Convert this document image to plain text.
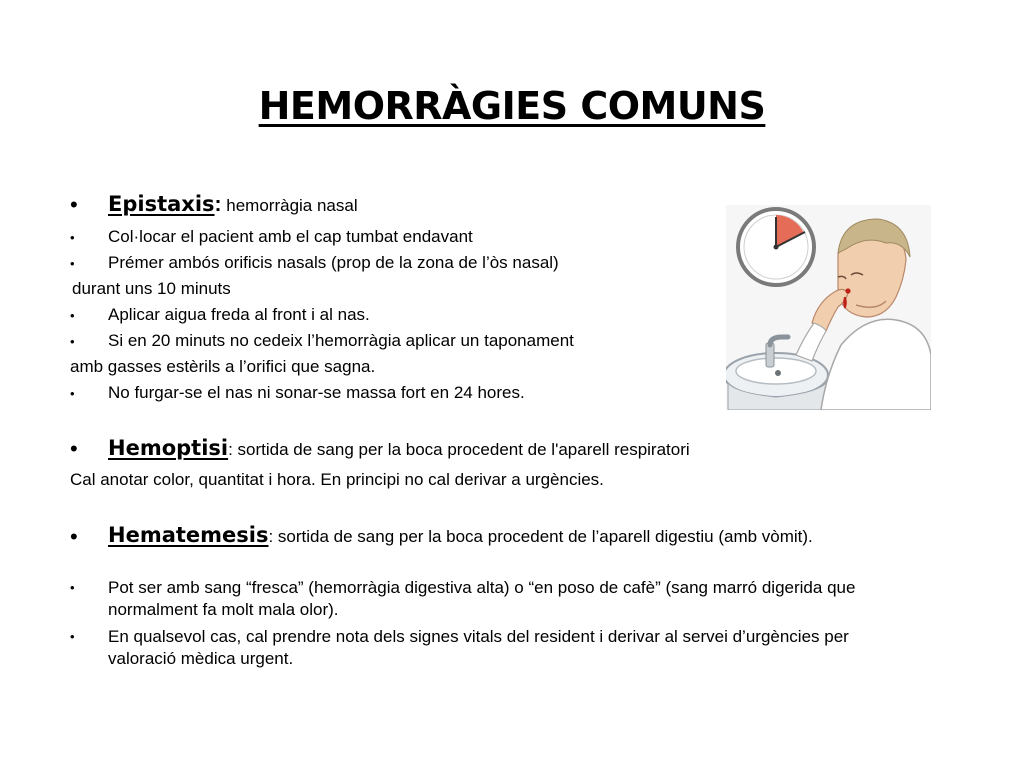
HEMORRÀGIES COMUNS
• Epistaxis: hemorràgia nasal
• Col·locar el pacient amb el cap tumbat endavant
• Prémer ambós orificis nasals (prop de la zona de l’òs nasal)
durant uns 10 minuts
• Aplicar aigua freda al front i al nas.
• Si en 20 minuts no cedeix l’hemorràgia aplicar un taponament
amb gasses estèrils a l’orifici que sagna.
• No furgar-se el nas ni sonar-se massa fort en 24 hores.
• Hemoptisi: sortida de sang per la boca procedent de l'aparell respiratori
Cal anotar color, quantitat i hora. En principi no cal derivar a urgències.
• Hematemesis: sortida de sang per la boca procedent de l’aparell digestiu (amb vòmit).
• Pot ser amb sang “fresca” (hemorràgia digestiva alta) o “en poso de cafè” (sang marró digerida que normalment fa molt mala olor).
• En qualsevol cas, cal prendre nota dels signes vitals del resident i derivar al servei d’urgències per valoració mèdica urgent.
